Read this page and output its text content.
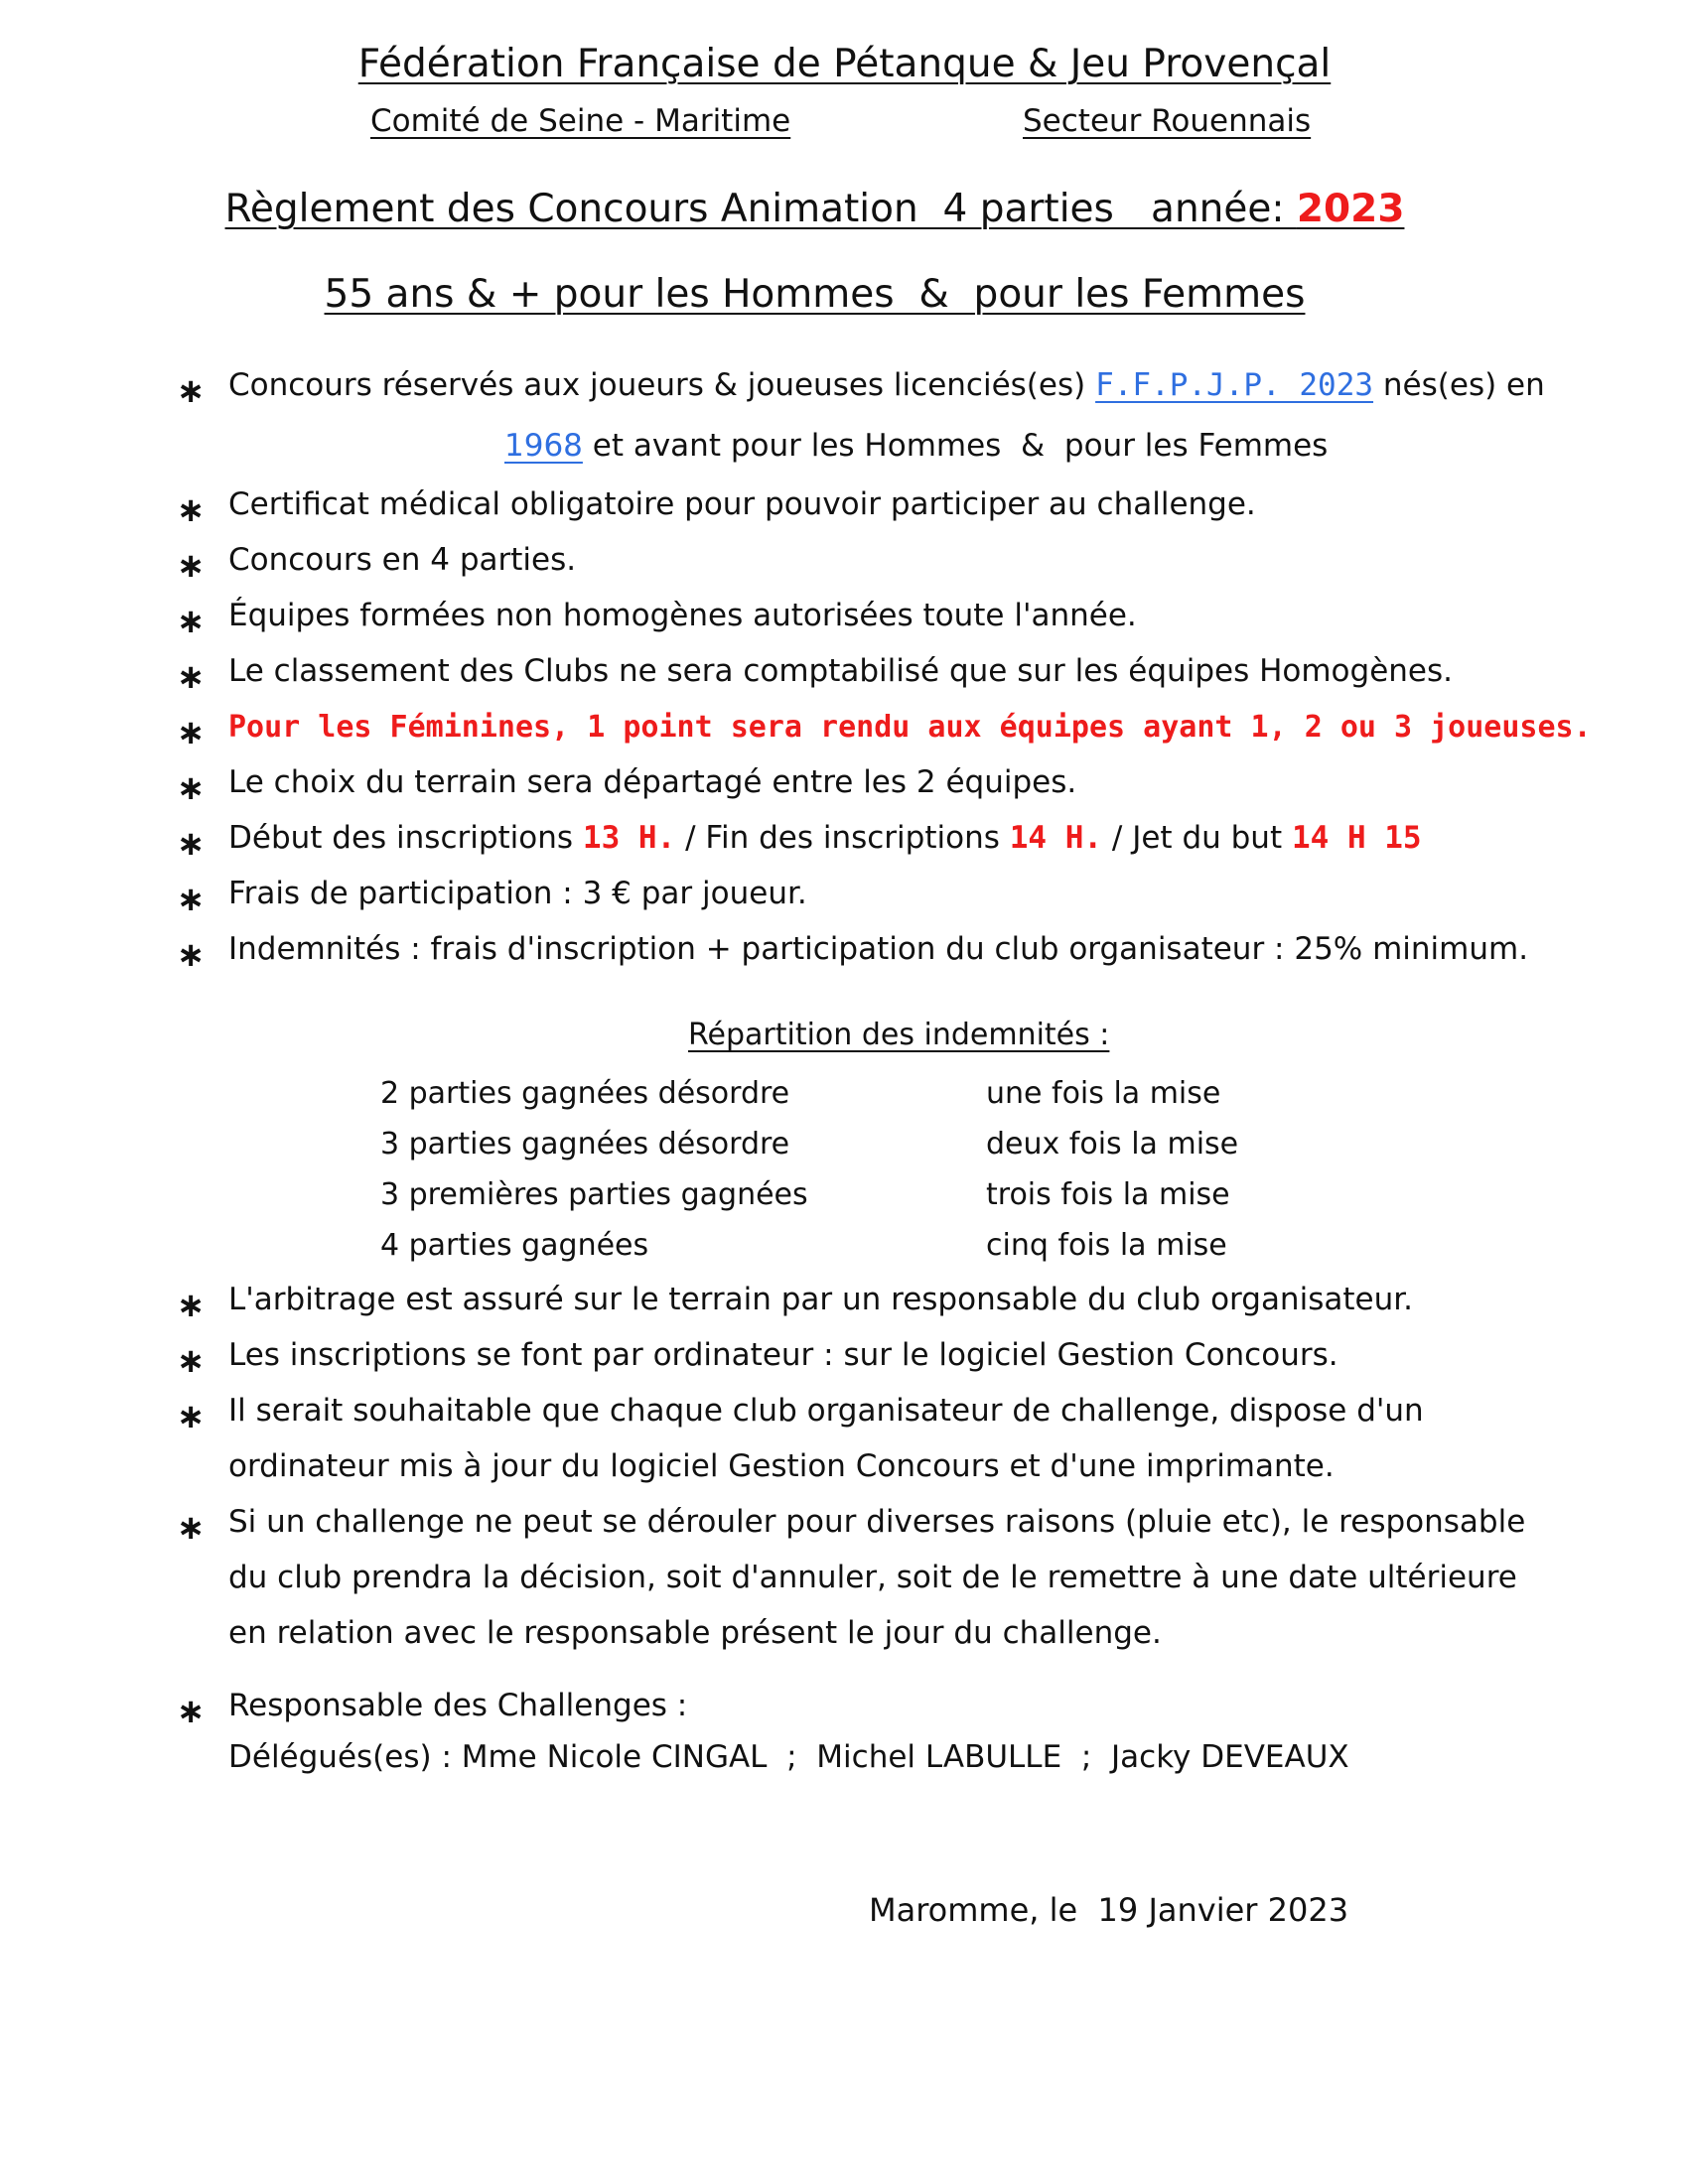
Fédération Française de Pétanque & Jeu Provençal
Comité de Seine - Maritime	Secteur Rouennais
Règlement des Concours Animation  4 parties   année: 2023
55 ans & + pour les Hommes  &  pour les Femmes
∗ Concours réservés aux joueurs & joueuses licenciés(es) F.F.P.J.P. 2023 nés(es) en
1968 et avant pour les Hommes  &  pour les Femmes
∗ Certificat médical obligatoire pour pouvoir participer au challenge.
∗ Concours en 4 parties.
∗ Équipes formées non homogènes autorisées toute l'année.
∗ Le classement des Clubs ne sera comptabilisé que sur les équipes Homogènes.
∗ Pour les Féminines, 1 point sera rendu aux équipes ayant 1, 2 ou 3 joueuses.
∗ Le choix du terrain sera départagé entre les 2 équipes.
∗ Début des inscriptions 13 H. / Fin des inscriptions 14 H. / Jet du but 14 H 15
∗ Frais de participation : 3 € par joueur.
∗ Indemnités : frais d'inscription + participation du club organisateur : 25% minimum.
Répartition des indemnités :
2 parties gagnées désordre	une fois la mise
3 parties gagnées désordre	deux fois la mise
3 premières parties gagnées	trois fois la mise
4 parties gagnées	cinq fois la mise
∗ L'arbitrage est assuré sur le terrain par un responsable du club organisateur.
∗ Les inscriptions se font par ordinateur : sur le logiciel Gestion Concours.
∗ Il serait souhaitable que chaque club organisateur de challenge, dispose d'un
ordinateur mis à jour du logiciel Gestion Concours et d'une imprimante.
∗ Si un challenge ne peut se dérouler pour diverses raisons (pluie etc), le responsable
du club prendra la décision, soit d'annuler, soit de le remettre à une date ultérieure
en relation avec le responsable présent le jour du challenge.
∗ Responsable des Challenges :
Délégués(es) : Mme Nicole CINGAL  ;  Michel LABULLE  ;  Jacky DEVEAUX
Maromme, le  19 Janvier 2023
